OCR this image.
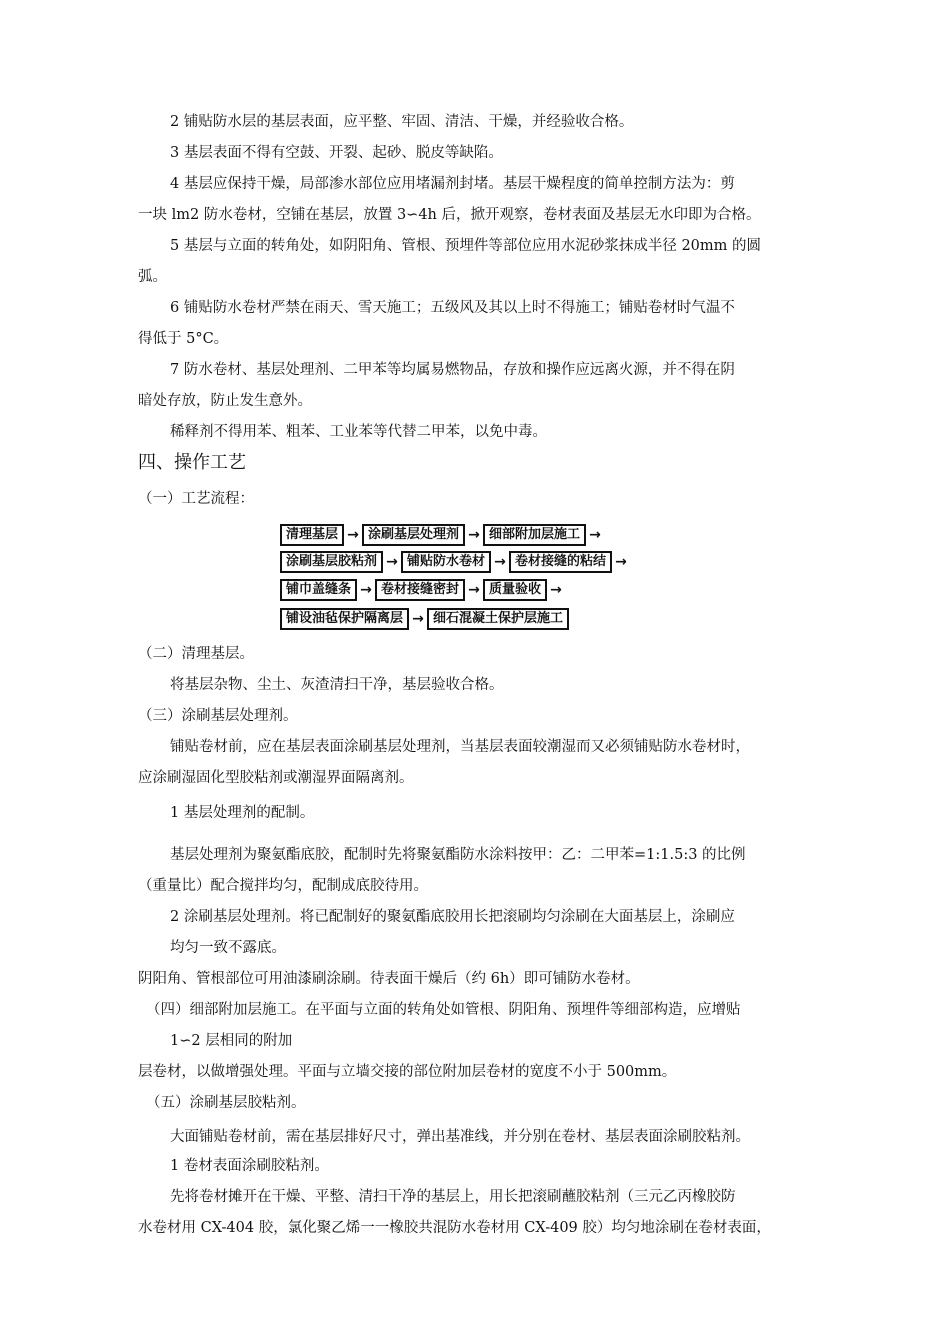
2 铺贴防水层的基层表面，应平整、牢固、清洁、干燥，并经验收合格。
3 基层表面不得有空鼓、开裂、起砂、脱皮等缺陷。
4 基层应保持干燥，局部渗水部位应用堵漏剂封堵。基层干燥程度的简单控制方法为：剪
一块 lm2 防水卷材，空铺在基层，放置 3∽4h 后，掀开观察，卷材表面及基层无水印即为合格。
5 基层与立面的转角处，如阴阳角、管根、预埋件等部位应用水泥砂浆抹成半径 20mm 的圆
弧。
6 铺贴防水卷材严禁在雨天、雪天施工；五级风及其以上时不得施工；铺贴卷材时气温不
得低于 5°C。
7 防水卷材、基层处理剂、二甲苯等均属易燃物品，存放和操作应远离火源，并不得在阴
暗处存放，防止发生意外。
稀释剂不得用苯、粗苯、工业苯等代替二甲苯，以免中毒。
四、操作工艺
（一）工艺流程：
清理基层 → 涂刷基层处理剂 → 细部附加层施工 →
涂刷基层胶粘剂 → 铺贴防水卷材 → 卷材接缝的粘结 →
铺巾盖缝条 → 卷材接缝密封 → 质量验收 →
铺设油毡保护隔离层 → 细石混凝土保护层施工
（二）清理基层。
将基层杂物、尘土、灰渣清扫干净，基层验收合格。
（三）涂刷基层处理剂。
铺贴卷材前，应在基层表面涂刷基层处理剂，当基层表面较潮湿而又必须铺贴防水卷材时，
应涂刷湿固化型胶粘剂或潮湿界面隔离剂。
1 基层处理剂的配制。
基层处理剂为聚氨酯底胶，配制时先将聚氨酯防水涂料按甲：乙：二甲苯=1:1.5:3 的比例
（重量比）配合搅拌均匀，配制成底胶待用。
2 涂刷基层处理剂。将已配制好的聚氨酯底胶用长把滚刷均匀涂刷在大面基层上，涂刷应
均匀一致不露底。
阴阳角、管根部位可用油漆刷涂刷。待表面干燥后（约 6h）即可铺防水卷材。
（四）细部附加层施工。在平面与立面的转角处如管根、阴阳角、预埋件等细部构造，应增贴
1∽2 层相同的附加
层卷材，以做增强处理。平面与立墙交接的部位附加层卷材的宽度不小于 500mm。
（五）涂刷基层胶粘剂。
大面铺贴卷材前，需在基层排好尺寸，弹出基准线，并分别在卷材、基层表面涂刷胶粘剂。
1 卷材表面涂刷胶粘剂。
先将卷材摊开在干燥、平整、清扫干净的基层上，用长把滚刷蘸胶粘剂（三元乙丙橡胶防
水卷材用 CX-404 胶，氯化聚乙烯一一橡胶共混防水卷材用 CX-409 胶）均匀地涂刷在卷材表面，
